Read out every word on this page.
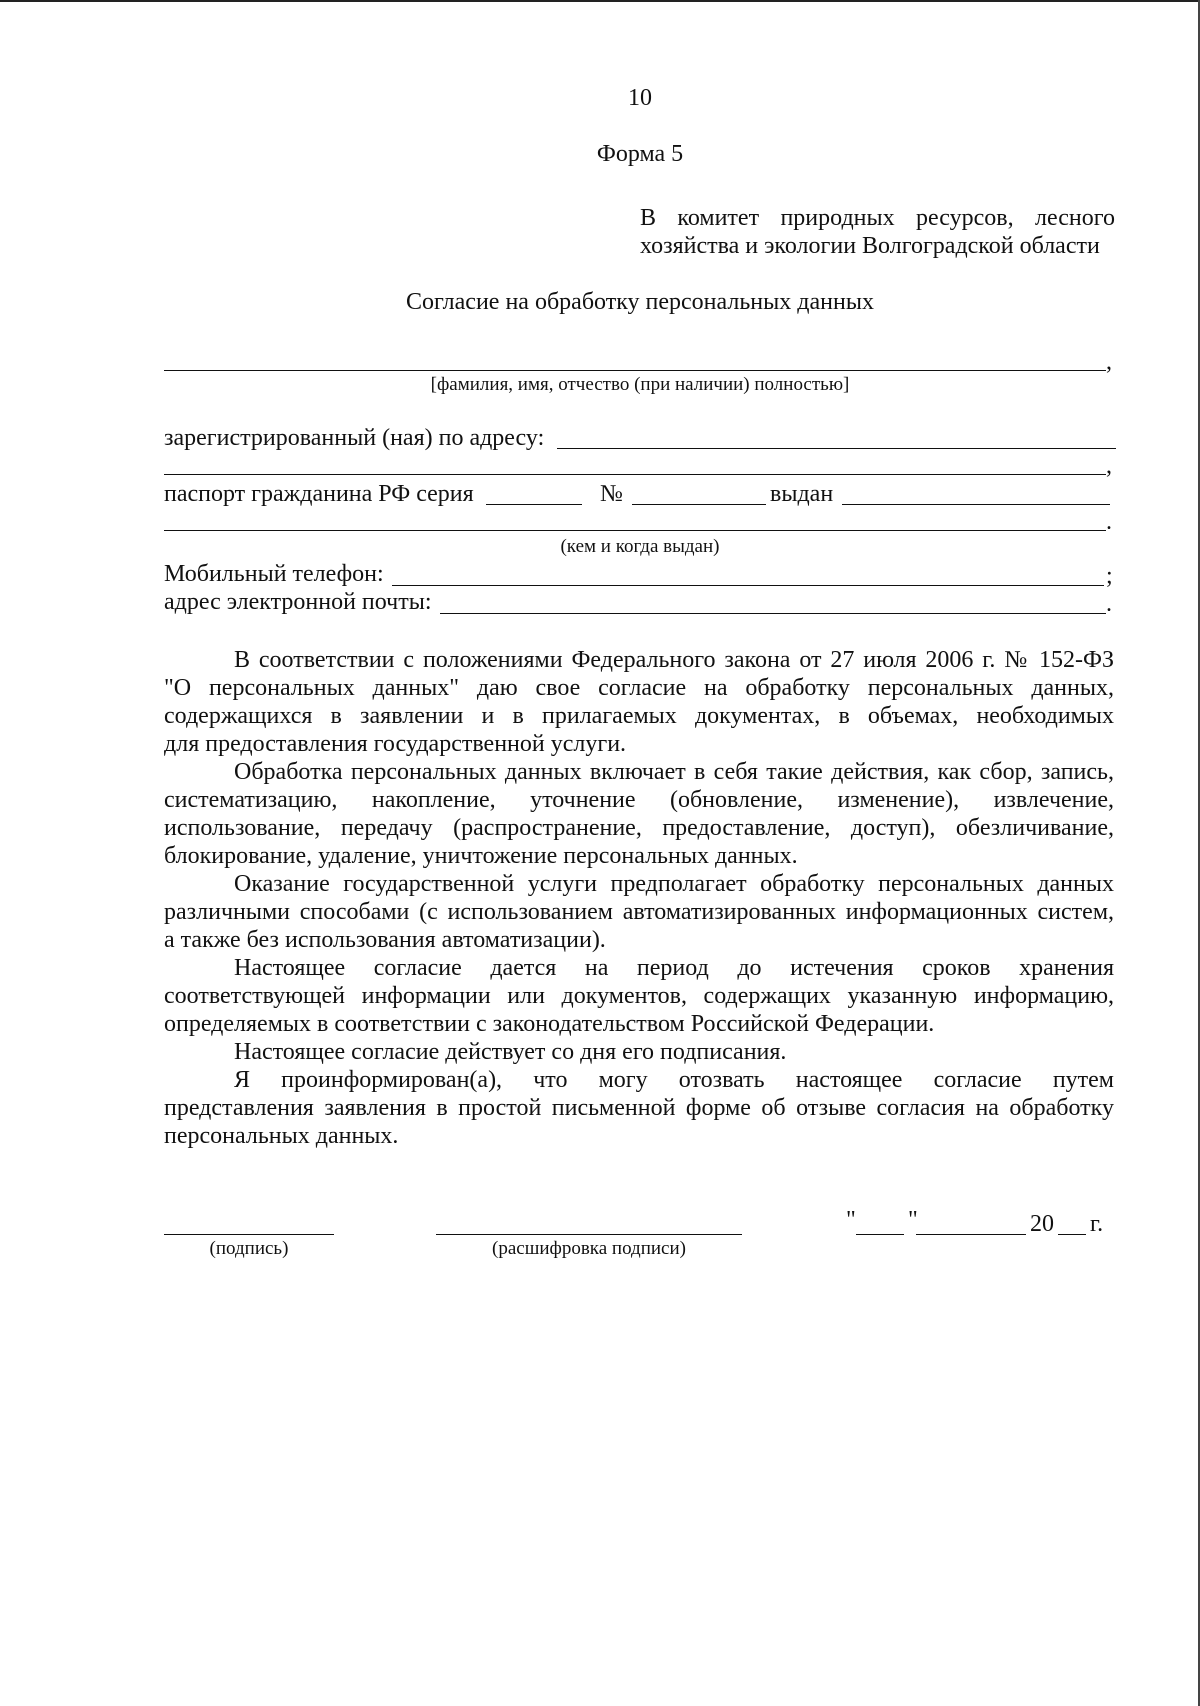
10
Форма 5
В комитет природных ресурсов, лесного
хозяйства и экологии Волгоградской области
Согласие на обработку персональных данных
,
[фамилия, имя, отчество (при наличии) полностью]
зарегистрированный (ная) по адресу:
,
паспорт гражданина РФ серия	№	выдан
.
(кем и когда выдан)
Мобильный телефон:	;
адрес электронной почты:	.
В соответствии с положениями Федерального закона от 27 июля 2006 г. № 152-ФЗ
"О персональных данных" даю свое согласие на обработку персональных данных,
содержащихся в заявлении и в прилагаемых документах, в объемах, необходимых
для предоставления государственной услуги.
Обработка персональных данных включает в себя такие действия, как сбор, запись,
систематизацию, накопление, уточнение (обновление, изменение), извлечение,
использование, передачу (распространение, предоставление, доступ), обезличивание,
блокирование, удаление, уничтожение персональных данных.
Оказание государственной услуги предполагает обработку персональных данных
различными способами (с использованием автоматизированных информационных систем,
а также без использования автоматизации).
Настоящее согласие дается на период до истечения сроков хранения
соответствующей информации или документов, содержащих указанную информацию,
определяемых в соответствии с законодательством Российской Федерации.
Настоящее согласие действует со дня его подписания.
Я проинформирован(а), что могу отозвать настоящее согласие путем
представления заявления в простой письменной форме об отзыве согласия на обработку
персональных данных.
(подпись)	(расшифровка подписи)
" "	20 г.
